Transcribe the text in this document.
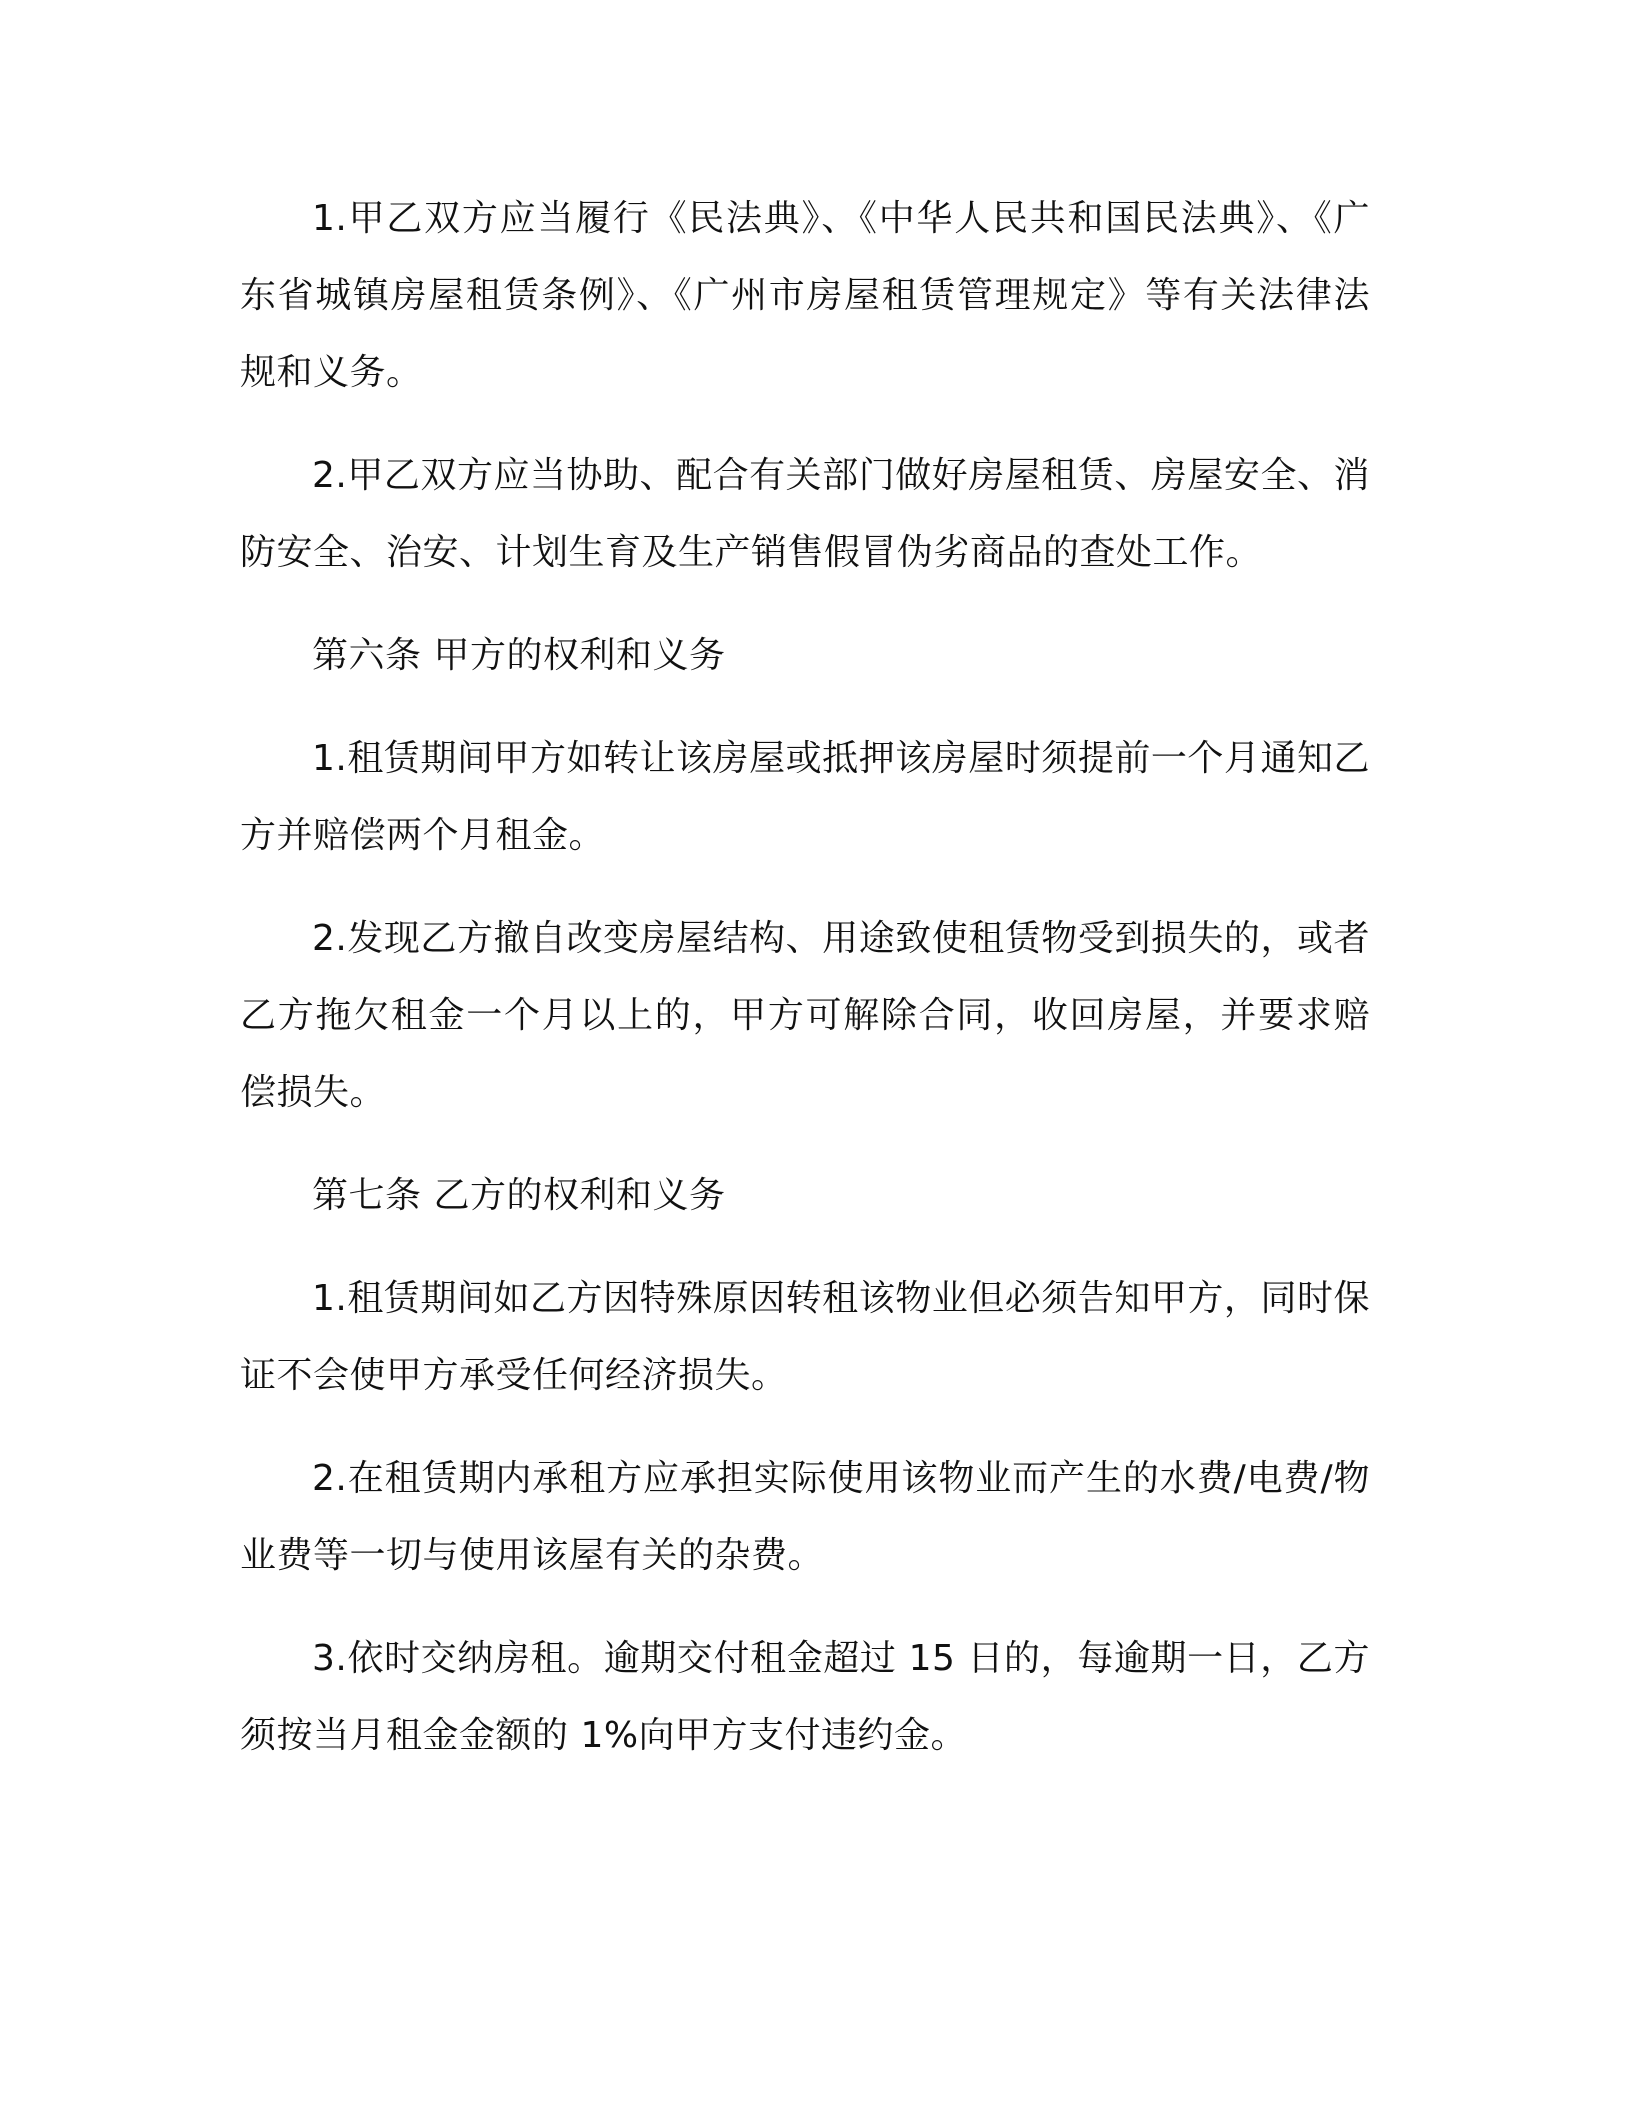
1.甲乙双方应当履行《民法典》、《中华人民共和国民法典》、《广东省城镇房屋租赁条例》、《广州市房屋租赁管理规定》等有关法律法规和义务。

2.甲乙双方应当协助、配合有关部门做好房屋租赁、房屋安全、消防安全、治安、计划生育及生产销售假冒伪劣商品的查处工作。

第六条 甲方的权利和义务

1.租赁期间甲方如转让该房屋或抵押该房屋时须提前一个月通知乙方并赔偿两个月租金。

2.发现乙方撤自改变房屋结构、用途致使租赁物受到损失的，或者乙方拖欠租金一个月以上的，甲方可解除合同，收回房屋，并要求赔偿损失。

第七条 乙方的权利和义务

1.租赁期间如乙方因特殊原因转租该物业但必须告知甲方，同时保证不会使甲方承受任何经济损失。

2.在租赁期内承租方应承担实际使用该物业而产生的水费/电费/物业费等一切与使用该屋有关的杂费。

3.依时交纳房租。逾期交付租金超过 15 日的，每逾期一日，乙方须按当月租金金额的 1%向甲方支付违约金。
